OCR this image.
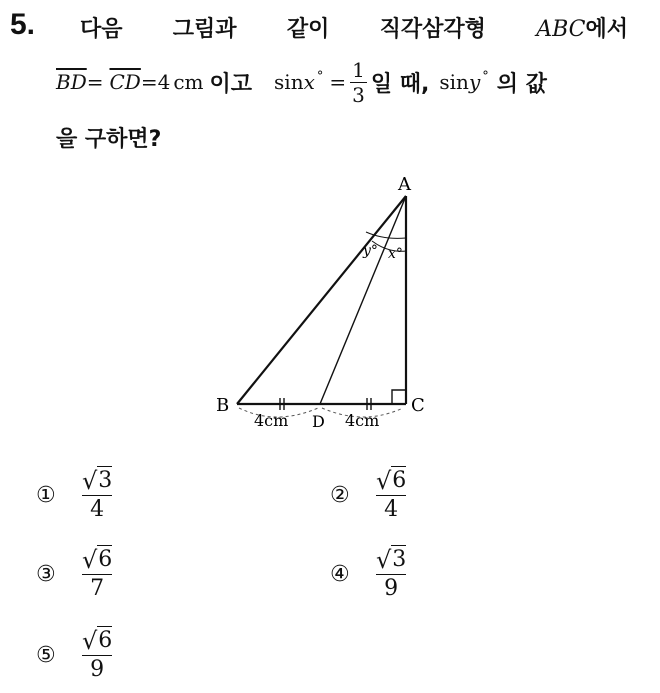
5. 다음 그림과 같이 직각삼각형 ABC에서
$\overline{BD} = \overline{CD} = 4$ cm 이고 sin x ° = $\frac{1}{3}$ 일 때, sin y ° 의 값
을 구하면?
A
B	C
D
y° x°
4cm	4cm
①	√ 3
4
②	√ 6
4
③	√ 6
7
④	√ 3
9
⑤	√ 6
9
